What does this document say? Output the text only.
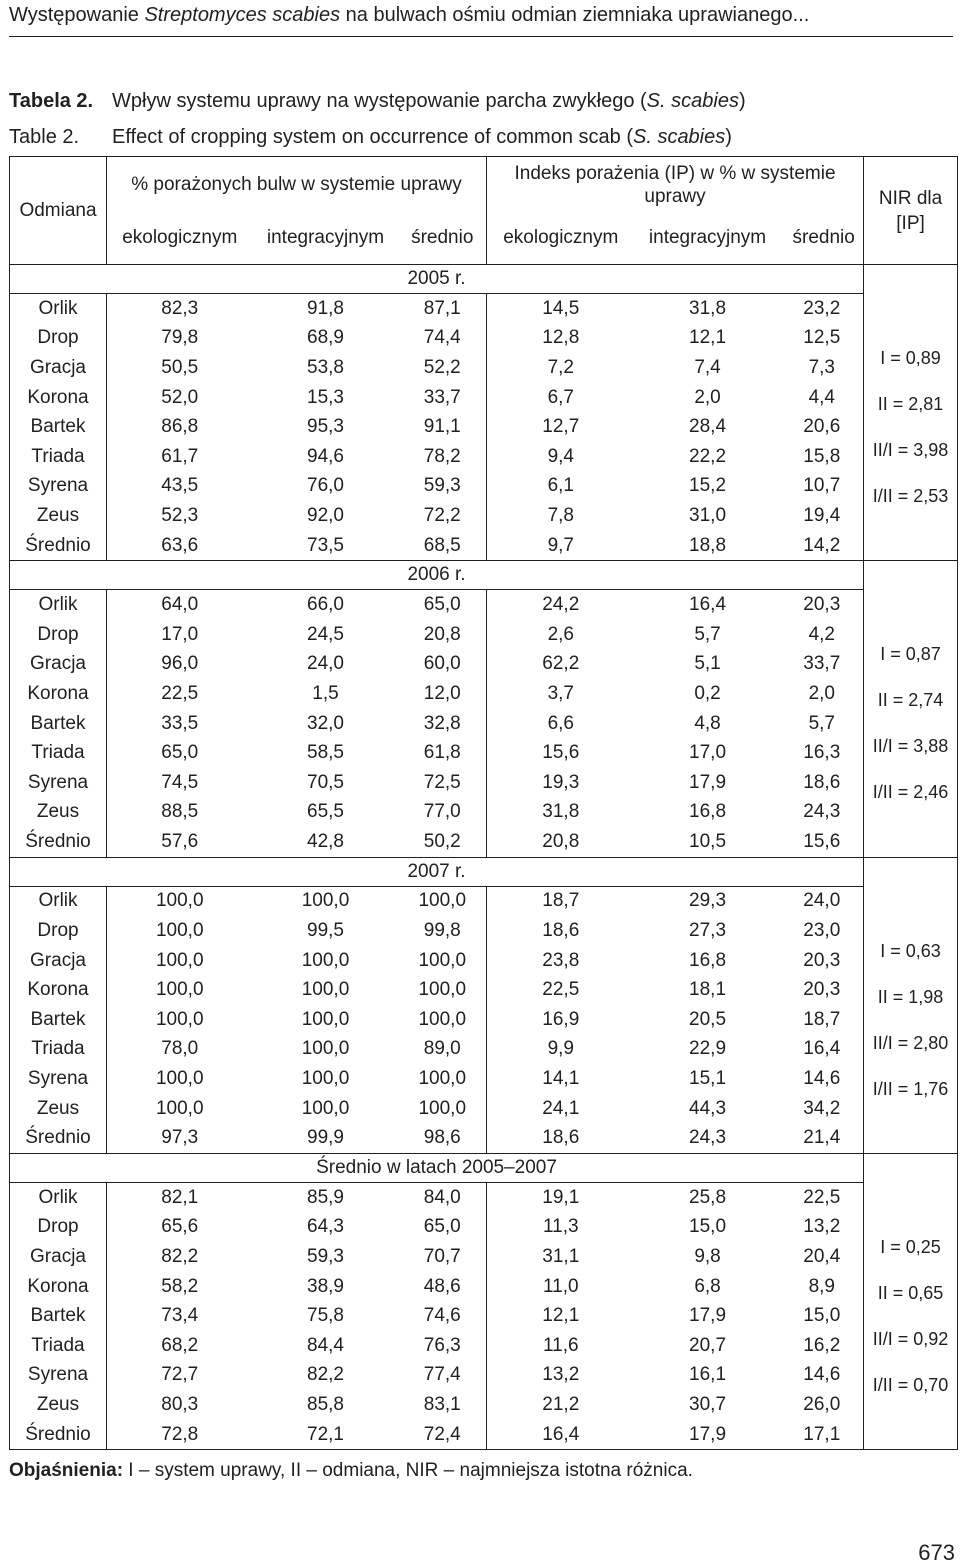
Występowanie Streptomyces scabies na bulwach ośmiu odmian ziemniaka uprawianego...
Tabela 2. Wpływ systemu uprawy na występowanie parcha zwykłego (S. scabies)
Table 2. Effect of cropping system on occurrence of common scab (S. scabies)
Odmiana	% porażonych bulw w systemie uprawy			Indeks porażenia (IP) w % w systemie uprawy			NIR dla [IP]
	ekologicznym	integracyjnym	średnio	ekologicznym	integracyjnym	średnio	
2005 r.							
Orlik	82,3	91,8	87,1	14,5	31,8	23,2	I = 0,89
II = 2,81
II/I = 3,98
I/II = 2,53

Drop	79,8	68,9	74,4	12,8	12,1	12,5	
Gracja	50,5	53,8	52,2	7,2	7,4	7,3	
Korona	52,0	15,3	33,7	6,7	2,0	4,4	
Bartek	86,8	95,3	91,1	12,7	28,4	20,6	
Triada	61,7	94,6	78,2	9,4	22,2	15,8	
Syrena	43,5	76,0	59,3	6,1	15,2	10,7	
Zeus	52,3	92,0	72,2	7,8	31,0	19,4	
Średnio	63,6	73,5	68,5	9,7	18,8	14,2	
2006 r.							
Orlik	64,0	66,0	65,0	24,2	16,4	20,3	I = 0,87
II = 2,74
II/I = 3,88
I/II = 2,46

Drop	17,0	24,5	20,8	2,6	5,7	4,2	
Gracja	96,0	24,0	60,0	62,2	5,1	33,7	
Korona	22,5	1,5	12,0	3,7	0,2	2,0	
Bartek	33,5	32,0	32,8	6,6	4,8	5,7	
Triada	65,0	58,5	61,8	15,6	17,0	16,3	
Syrena	74,5	70,5	72,5	19,3	17,9	18,6	
Zeus	88,5	65,5	77,0	31,8	16,8	24,3	
Średnio	57,6	42,8	50,2	20,8	10,5	15,6	
2007 r.							
Orlik	100,0	100,0	100,0	18,7	29,3	24,0	I = 0,63
II = 1,98
II/I = 2,80
I/II = 1,76

Drop	100,0	99,5	99,8	18,6	27,3	23,0	
Gracja	100,0	100,0	100,0	23,8	16,8	20,3	
Korona	100,0	100,0	100,0	22,5	18,1	20,3	
Bartek	100,0	100,0	100,0	16,9	20,5	18,7	
Triada	78,0	100,0	89,0	9,9	22,9	16,4	
Syrena	100,0	100,0	100,0	14,1	15,1	14,6	
Zeus	100,0	100,0	100,0	24,1	44,3	34,2	
Średnio	97,3	99,9	98,6	18,6	24,3	21,4	
Średnio w latach 2005–2007							
Orlik	82,1	85,9	84,0	19,1	25,8	22,5	I = 0,25
II = 0,65
II/I = 0,92
I/II = 0,70

Drop	65,6	64,3	65,0	11,3	15,0	13,2	
Gracja	82,2	59,3	70,7	31,1	9,8	20,4	
Korona	58,2	38,9	48,6	11,0	6,8	8,9	
Bartek	73,4	75,8	74,6	12,1	17,9	15,0	
Triada	68,2	84,4	76,3	11,6	20,7	16,2	
Syrena	72,7	82,2	77,4	13,2	16,1	14,6	
Zeus	80,3	85,8	83,1	21,2	30,7	26,0	
Średnio	72,8	72,1	72,4	16,4	17,9	17,1	
Objaśnienia: I – system uprawy, II – odmiana, NIR – najmniejsza istotna różnica.
673
